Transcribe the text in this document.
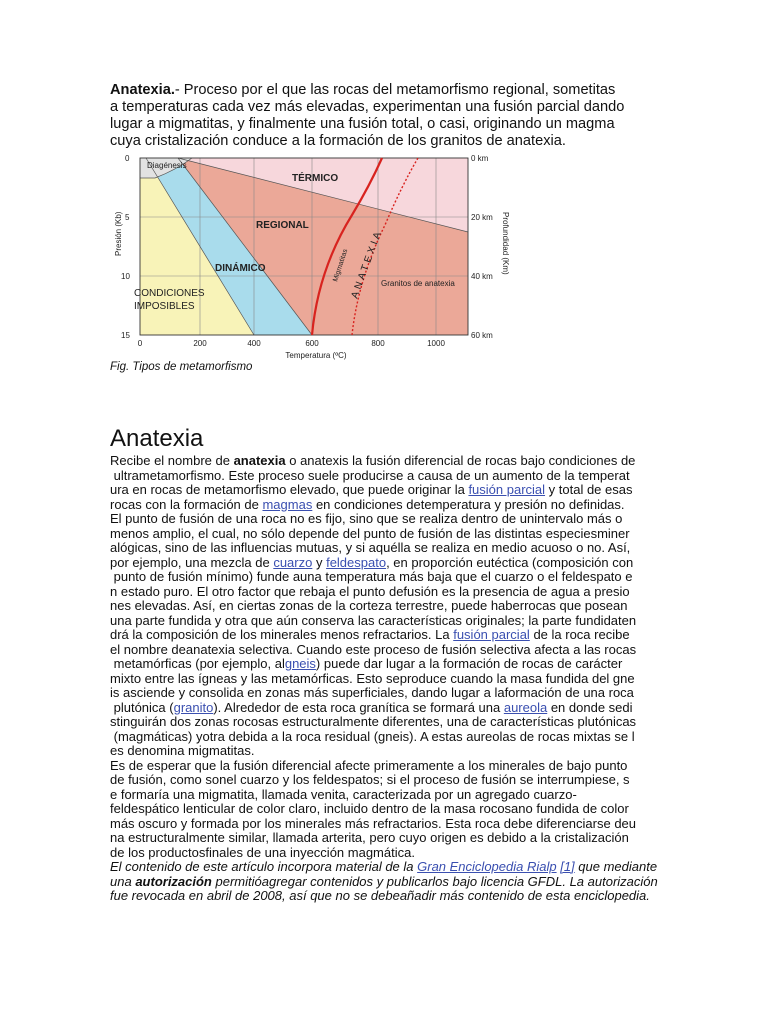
Anatexia.- Proceso por el que las rocas del metamorfismo regional, sometitas
a temperaturas cada vez más elevadas, experimentan una fusión parcial dando
lugar a migmatitas, y finalmente una fusión total, o casi, originando un magma
cuya cristalización conduce a la formación de los granitos de anatexia.

Diagénesis
TÉRMICO
REGIONAL
DINÁMICO
CONDICIONES
IMPOSIBLES
Migmatitas ANATEXIA
Granitos de anatexia
Presión (Kb)
0
5
10
15
0	200	400	600	800	1000
Temperatura (ºC)
0 km
20 km
40 km
60 km
Profundidad (Km)

Fig. Tipos de metamorfismo

Anatexia
Recibe el nombre de anatexia o anatexis la fusión diferencial de rocas bajo condiciones de
ultrametamorfismo. Este proceso suele producirse a causa de un aumento de la temperat
ura en rocas de metamorfismo elevado, que puede originar la fusión parcial y total de esas
rocas con la formación de magmas en condiciones detemperatura y presión no definidas.
El punto de fusión de una roca no es fijo, sino que se realiza dentro de unintervalo más o
menos amplio, el cual, no sólo depende del punto de fusión de las distintas especiesminer
alógicas, sino de las influencias mutuas, y si aquélla se realiza en medio acuoso o no. Así,
por ejemplo, una mezcla de cuarzo y feldespato, en proporción eutéctica (composición con
punto de fusión mínimo) funde auna temperatura más baja que el cuarzo o el feldespato e
n estado puro. El otro factor que rebaja el punto defusión es la presencia de agua a presio
nes elevadas. Así, en ciertas zonas de la corteza terrestre, puede haberrocas que posean
una parte fundida y otra que aún conserva las características originales; la parte fundidaten
drá la composición de los minerales menos refractarios. La fusión parcial de la roca recibe
el nombre deanatexia selectiva. Cuando este proceso de fusión selectiva afecta a las rocas
metamórficas (por ejemplo, algneis) puede dar lugar a la formación de rocas de carácter
mixto entre las ígneas y las metamórficas. Esto seproduce cuando la masa fundida del gne
is asciende y consolida en zonas más superficiales, dando lugar a laformación de una roca
plutónica (granito). Alrededor de esta roca granítica se formará una aureola en donde sedi
stinguirán dos zonas rocosas estructuralmente diferentes, una de características plutónicas
(magmáticas) yotra debida a la roca residual (gneis). A estas aureolas de rocas mixtas se l
es denomina migmatitas.
Es de esperar que la fusión diferencial afecte primeramente a los minerales de bajo punto
de fusión, como sonel cuarzo y los feldespatos; si el proceso de fusión se interrumpiese, s
e formaría una migmatita, llamada venita, caracterizada por un agregado cuarzo-
feldespático lenticular de color claro, incluido dentro de la masa rocosano fundida de color
más oscuro y formada por los minerales más refractarios. Esta roca debe diferenciarse deu
na estructuralmente similar, llamada arterita, pero cuyo origen es debido a la cristalización
de los productosfinales de una inyección magmática.
El contenido de este artículo incorpora material de la Gran Enciclopedia Rialp [1] que mediante
una autorización permitióagregar contenidos y publicarlos bajo licencia GFDL. La autorización
fue revocada en abril de 2008, así que no se debeañadir más contenido de esta enciclopedia.
